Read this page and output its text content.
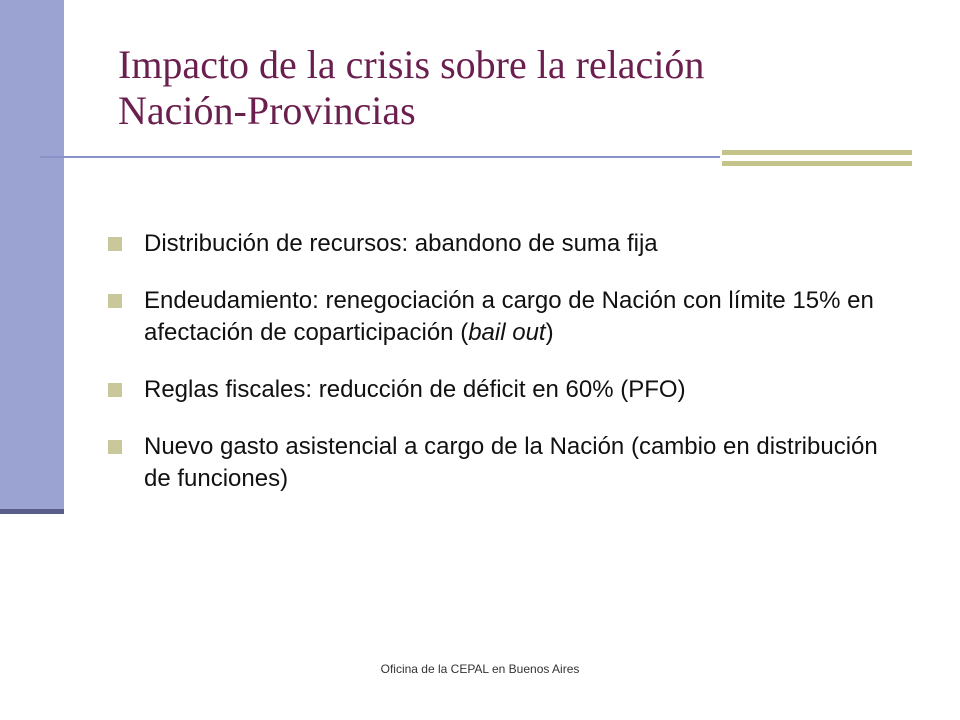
Impacto de la crisis sobre la relación
Nación-Provincias
Distribución de recursos: abandono de suma fija
Endeudamiento: renegociación a cargo de Nación con límite 15% en afectación de coparticipación (bail out)
Reglas fiscales: reducción de déficit en 60% (PFO)
Nuevo gasto asistencial a cargo de la Nación (cambio en distribución de funciones)
Oficina de la CEPAL en Buenos Aires
